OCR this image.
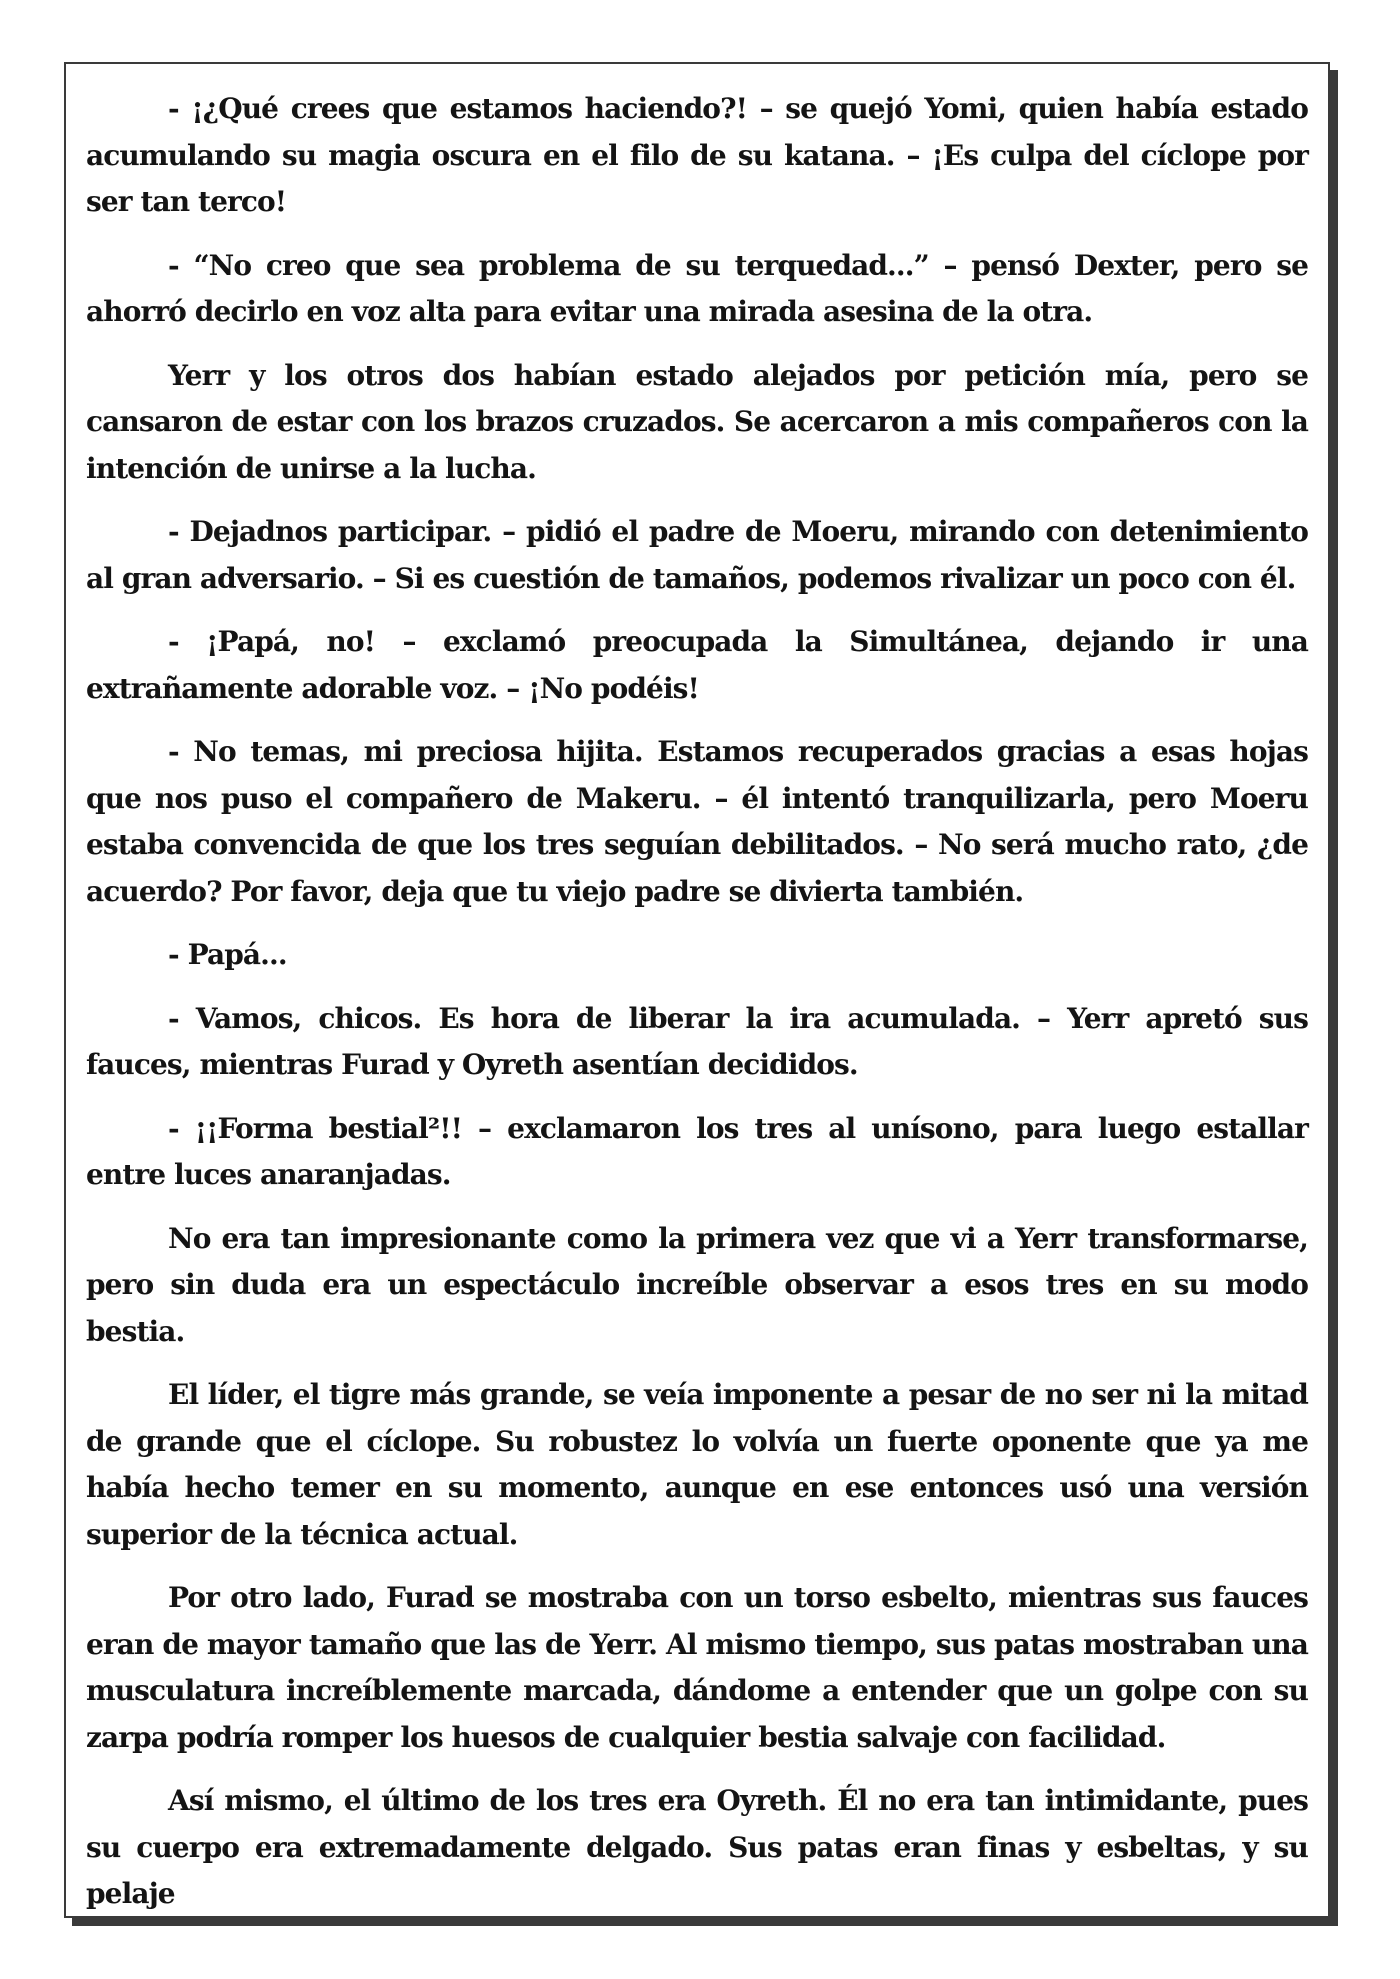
- ¡¿Qué crees que estamos haciendo?! – se quejó Yomi, quien había estado acumulando su magia oscura en el filo de su katana. – ¡Es culpa del cíclope por ser tan terco!

- “No creo que sea problema de su terquedad...” – pensó Dexter, pero se ahorró decirlo en voz alta para evitar una mirada asesina de la otra.

Yerr y los otros dos habían estado alejados por petición mía, pero se cansaron de estar con los brazos cruzados. Se acercaron a mis compañeros con la intención de unirse a la lucha.

- Dejadnos participar. – pidió el padre de Moeru, mirando con detenimiento al gran adversario. – Si es cuestión de tamaños, podemos rivalizar un poco con él.

- ¡Papá, no! – exclamó preocupada la Simultánea, dejando ir una extrañamente adorable voz. – ¡No podéis!

- No temas, mi preciosa hijita. Estamos recuperados gracias a esas hojas que nos puso el compañero de Makeru. – él intentó tranquilizarla, pero Moeru estaba convencida de que los tres seguían debilitados. – No será mucho rato, ¿de acuerdo? Por favor, deja que tu viejo padre se divierta también.

- Papá...

- Vamos, chicos. Es hora de liberar la ira acumulada. – Yerr apretó sus fauces, mientras Furad y Oyreth asentían decididos.

- ¡¡Forma bestial²!! – exclamaron los tres al unísono, para luego estallar entre luces anaranjadas.

No era tan impresionante como la primera vez que vi a Yerr transformarse, pero sin duda era un espectáculo increíble observar a esos tres en su modo bestia.

El líder, el tigre más grande, se veía imponente a pesar de no ser ni la mitad de grande que el cíclope. Su robustez lo volvía un fuerte oponente que ya me había hecho temer en su momento, aunque en ese entonces usó una versión superior de la técnica actual.

Por otro lado, Furad se mostraba con un torso esbelto, mientras sus fauces eran de mayor tamaño que las de Yerr. Al mismo tiempo, sus patas mostraban una musculatura increíblemente marcada, dándome a entender que un golpe con su zarpa podría romper los huesos de cualquier bestia salvaje con facilidad.

Así mismo, el último de los tres era Oyreth. Él no era tan intimidante, pues su cuerpo era extremadamente delgado. Sus patas eran finas y esbeltas, y su pelaje
